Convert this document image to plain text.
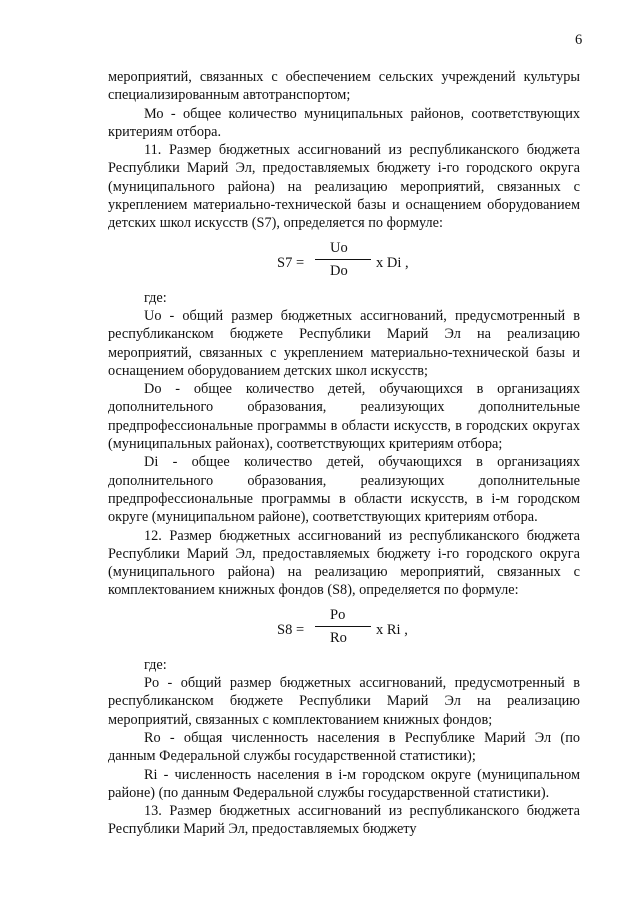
6

мероприятий, связанных с обеспечением сельских учреждений культуры специализированным автотранспортом;

Мо - общее количество муниципальных районов, соответствующих критериям отбора.

11. Размер бюджетных ассигнований из республиканского бюджета Республики Марий Эл, предоставляемых бюджету i-го городского округа (муниципального района) на реализацию мероприятий, связанных с укреплением материально-технической базы и оснащением оборудованием детских школ искусств (S7), определяется по формуле:

S7 =
Uo
Do x Di ,

где:

Uo - общий размер бюджетных ассигнований, предусмотренный в республиканском бюджете Республики Марий Эл на реализацию мероприятий, связанных с укреплением материально-технической базы и оснащением оборудованием детских школ искусств;

Do - общее количество детей, обучающихся в организациях дополнительного образования, реализующих дополнительные предпрофессиональные программы в области искусств, в городских округах (муниципальных районах), соответствующих критериям отбора;

Di - общее количество детей, обучающихся в организациях дополнительного образования, реализующих дополнительные предпрофессиональные программы в области искусств, в i-м городском округе (муниципальном районе), соответствующих критериям отбора.

12. Размер бюджетных ассигнований из республиканского бюджета Республики Марий Эл, предоставляемых бюджету i-го городского округа (муниципального района) на реализацию мероприятий, связанных с комплектованием книжных фондов (S8), определяется по формуле:

S8 =
Po
Ro x Ri ,

где:

Po - общий размер бюджетных ассигнований, предусмотренный в республиканском бюджете Республики Марий Эл на реализацию мероприятий, связанных с комплектованием книжных фондов;

Ro - общая численность населения в Республике Марий Эл (по данным Федеральной службы государственной статистики);

Ri - численность населения в i-м городском округе (муниципальном районе) (по данным Федеральной службы государственной статистики).

13. Размер бюджетных ассигнований из республиканского бюджета Республики Марий Эл, предоставляемых бюджету
